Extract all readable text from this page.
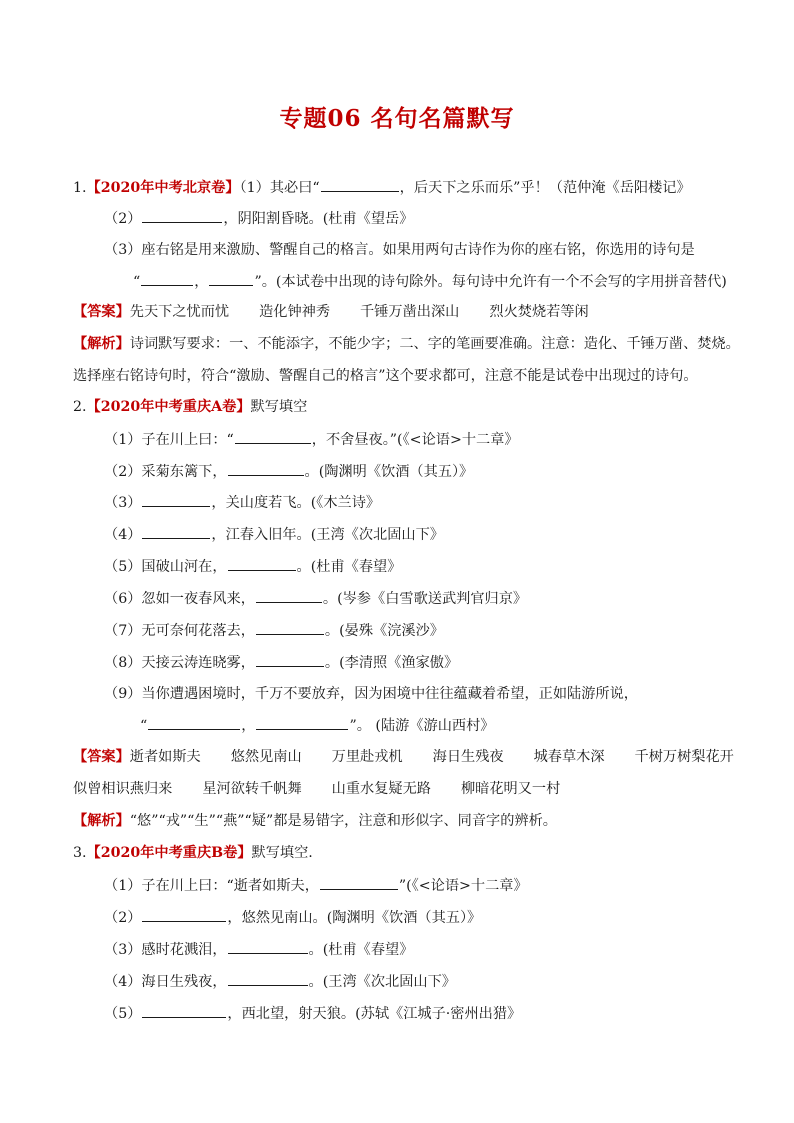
专题06 名句名篇默写
1.【2020年中考北京卷】（1）其必曰“	，后天下之乐而乐”乎！（范仲淹《岳阳楼记》
（2）	，阴阳割昏晓。(杜甫《望岳》
（3）座右铭是用来激励、警醒自己的格言。如果用两句古诗作为你的座右铭，你选用的诗句是
“	，	”。(本试卷中出现的诗句除外。每句诗中允许有一个不会写的字用拼音替代)
【答案】先天下之忧而忧 造化钟神秀 千锤万凿出深山 烈火焚烧若等闲
【解析】诗词默写要求：一、不能添字，不能少字；二、字的笔画要准确。注意：造化、千锤万凿、焚烧。
选择座右铭诗句时，符合“激励、警醒自己的格言”这个要求都可，注意不能是试卷中出现过的诗句。
2.【2020年中考重庆A卷】默写填空
（1）子在川上曰：“	，不舍昼夜。”(《<论语>十二章》
（2）采菊东篱下，	。(陶渊明《饮酒（其五）》
（3）	，关山度若飞。(《木兰诗》
（4）	，江春入旧年。(王湾《次北固山下》
（5）国破山河在，	。(杜甫《春望》
（6）忽如一夜春风来，	。(岑参《白雪歌送武判官归京》
（7）无可奈何花落去，	。(晏殊《浣溪沙》
（8）天接云涛连晓雾，	。(李清照《渔家傲》
（9）当你遭遇困境时，千万不要放弃，因为困境中往往蕴藏着希望，正如陆游所说，
“	，	”。 (陆游《游山西村》
【答案】逝者如斯夫 悠然见南山 万里赴戎机 海日生残夜 城春草木深 千树万树梨花开
似曾相识燕归来 星河欲转千帆舞 山重水复疑无路 柳暗花明又一村
【解析】“悠”“戎”“生”“燕”“疑”都是易错字，注意和形似字、同音字的辨析。
3.【2020年中考重庆B卷】默写填空.
（1）子在川上曰：“逝者如斯夫，	”(《<论语>十二章》
（2）	，悠然见南山。(陶渊明《饮酒（其五）》
（3）感时花溅泪，	。(杜甫《春望》
（4）海日生残夜，	。(王湾《次北固山下》
（5）	，西北望，射天狼。(苏轼《江城子·密州出猎》
